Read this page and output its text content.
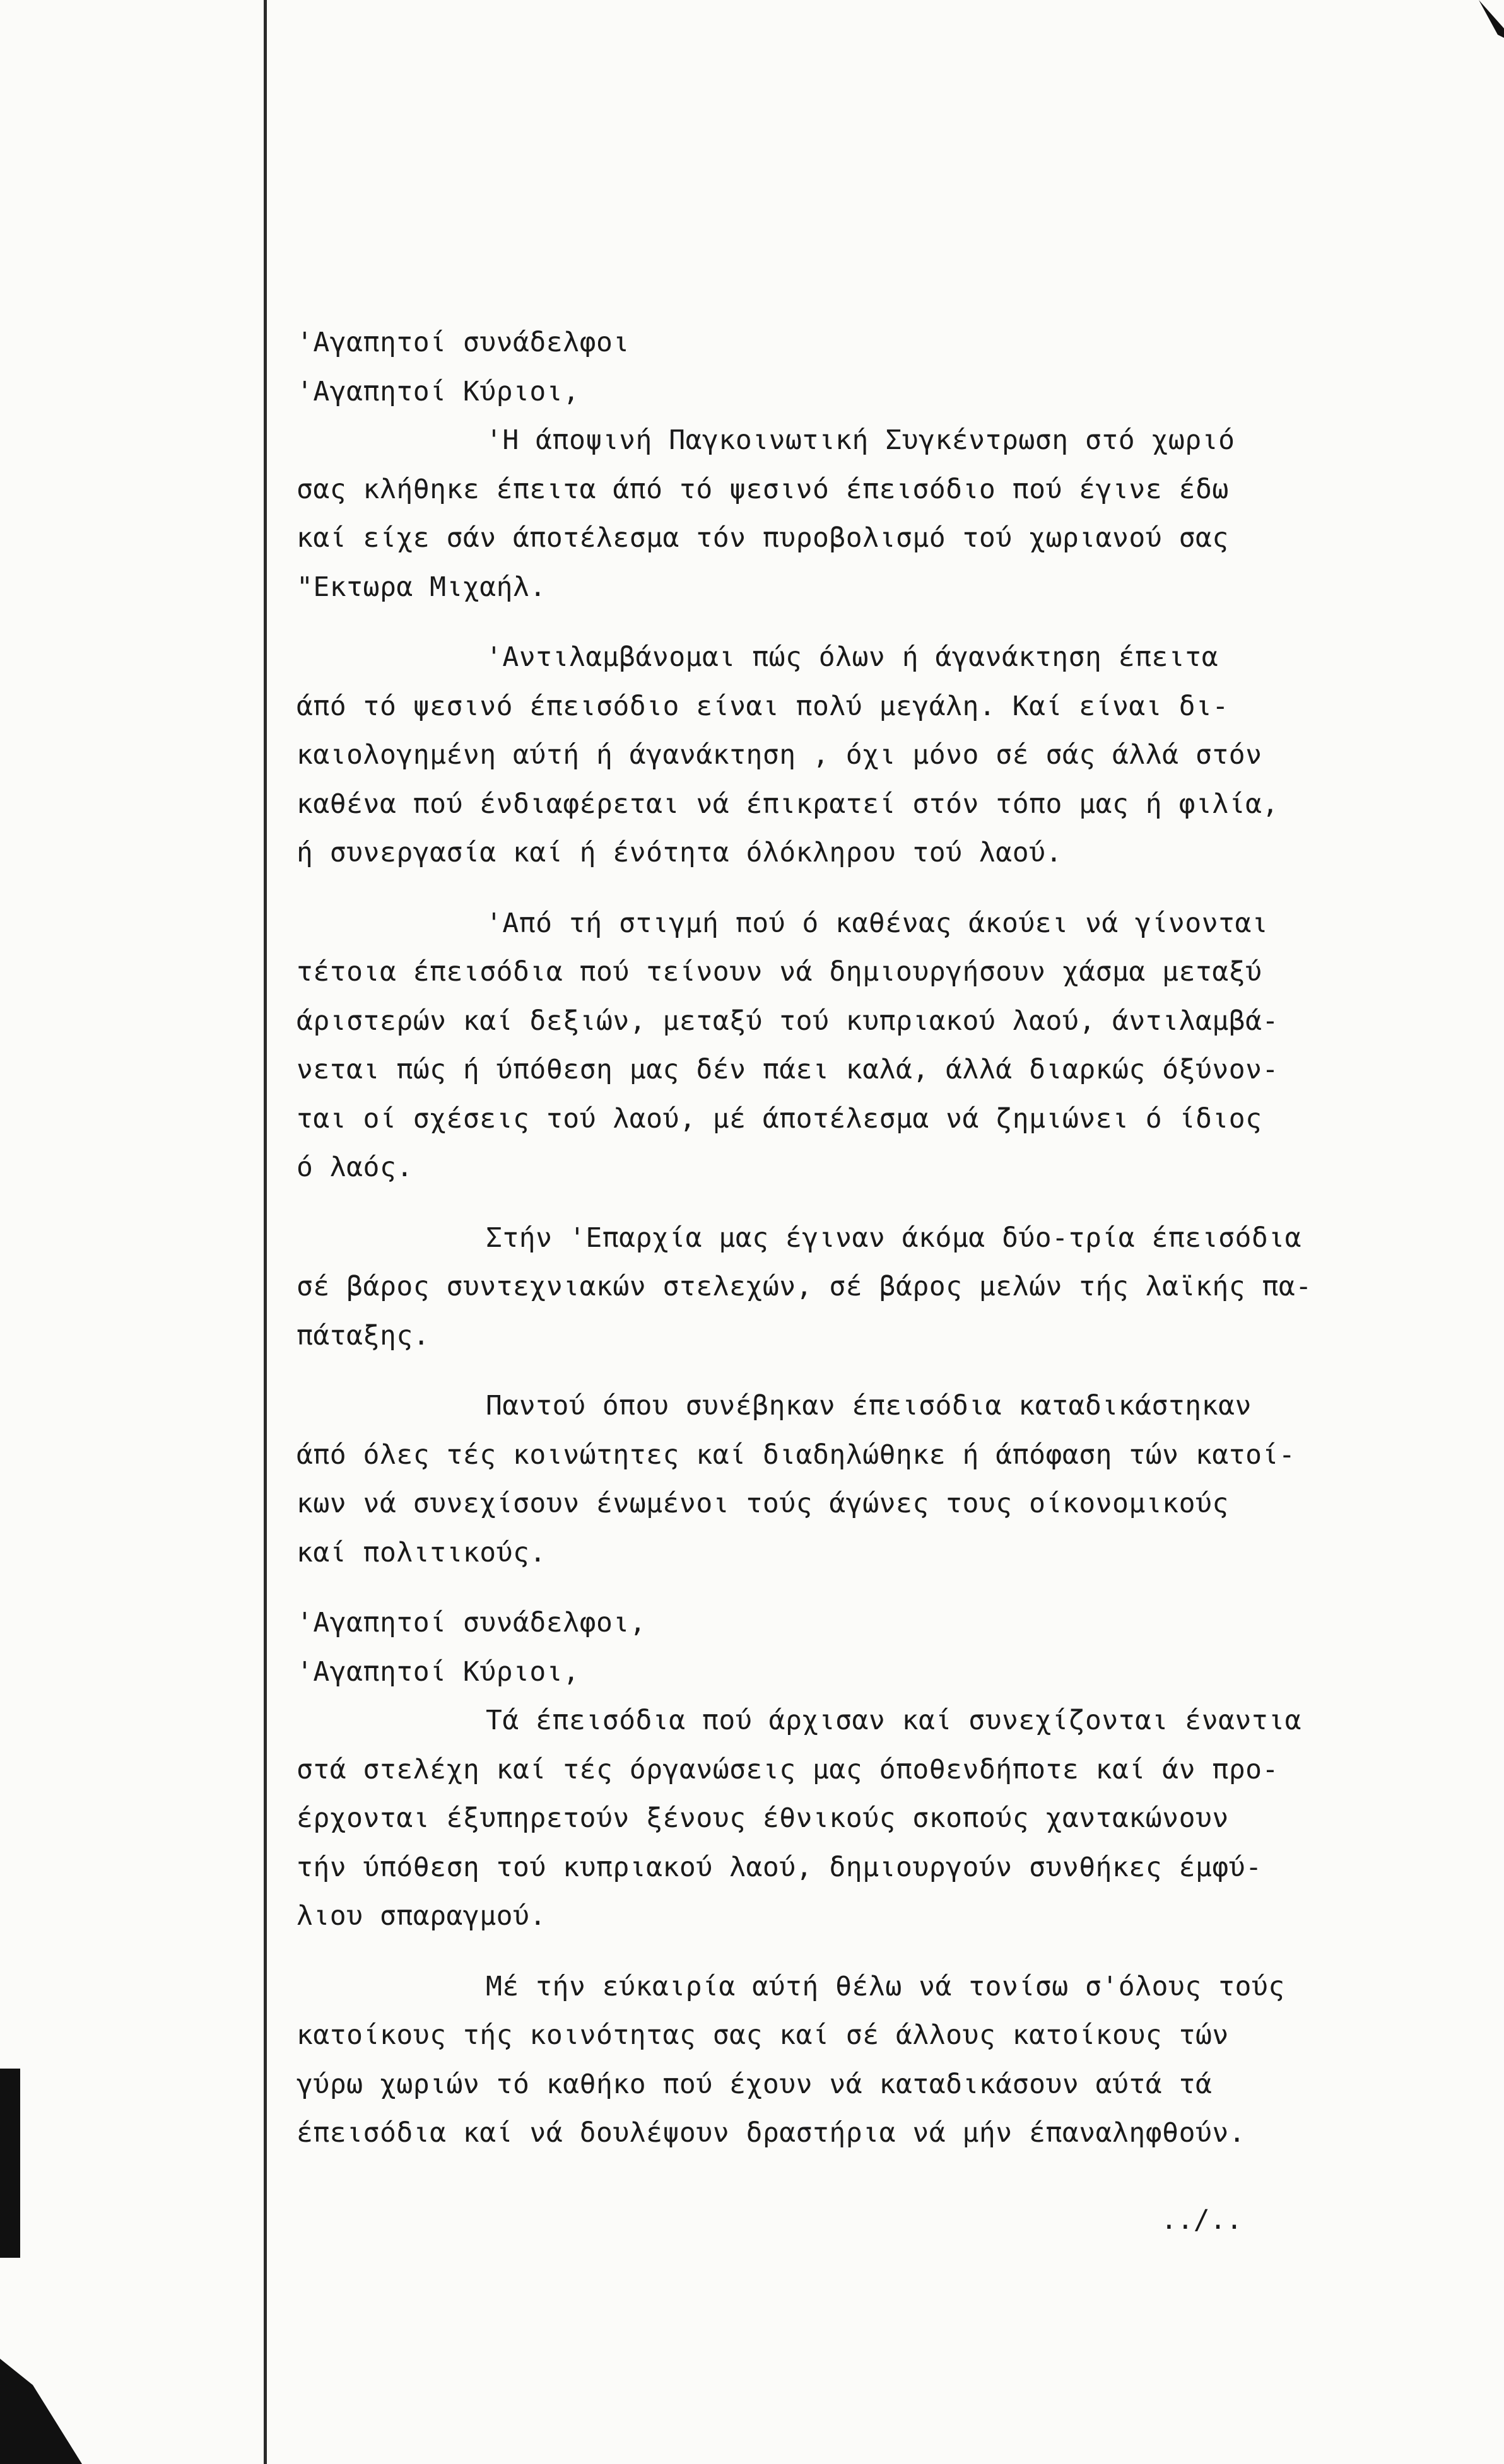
'Αγαπητοί συνάδελφοι
'Αγαπητοί Κύριοι,
'Η άποψινή Παγκοινωτική Συγκέντρωση στό χωριό
σας κλήθηκε έπειτα άπό τό ψεσινό έπεισόδιο πού έγινε έδω
καί είχε σάν άποτέλεσμα τόν πυροβολισμό τού χωριανού σας
"Εκτωρα Μιχαήλ.
'Αντιλαμβάνομαι πώς όλων ή άγανάκτηση έπειτα
άπό τό ψεσινό έπεισόδιο είναι πολύ μεγάλη. Καί είναι δι-
καιολογημένη αύτή ή άγανάκτηση , όχι μόνο σέ σάς άλλά στόν
καθένα πού ένδιαφέρεται νά έπικρατεί στόν τόπο μας ή φιλία,
ή συνεργασία καί ή ένότητα όλόκληρου τού λαού.
'Από τή στιγμή πού ό καθένας άκούει νά γίνονται
τέτοια έπεισόδια πού τείνουν νά δημιουργήσουν χάσμα μεταξύ
άριστερών καί δεξιών, μεταξύ τού κυπριακού λαού, άντιλαμβά-
νεται πώς ή ύπόθεση μας δέν πάει καλά, άλλά διαρκώς όξύνον-
ται οί σχέσεις τού λαού, μέ άποτέλεσμα νά ζημιώνει ό ίδιος
ό λαός.
Στήν 'Επαρχία μας έγιναν άκόμα δύο-τρία έπεισόδια
σέ βάρος συντεχνιακών στελεχών, σέ βάρος μελών τής λαϊκής πα-
πάταξης.
Παντού όπου συνέβηκαν έπεισόδια καταδικάστηκαν
άπό όλες τές κοινώτητες καί διαδηλώθηκε ή άπόφαση τών κατοί-
κων νά συνεχίσουν ένωμένοι τούς άγώνες τους οίκονομικούς
καί πολιτικούς.
'Αγαπητοί συνάδελφοι,
'Αγαπητοί Κύριοι,
Τά έπεισόδια πού άρχισαν καί συνεχίζονται έναντια
στά στελέχη καί τές όργανώσεις μας όποθενδήποτε καί άν προ-
έρχονται έξυπηρετούν ξένους έθνικούς σκοπούς χαντακώνουν
τήν ύπόθεση τού κυπριακού λαού, δημιουργούν συνθήκες έμφύ-
λιου σπαραγμού.
Μέ τήν εύκαιρία αύτή θέλω νά τονίσω σ'όλους τούς
κατοίκους τής κοινότητας σας καί σέ άλλους κατοίκους τών
γύρω χωριών τό καθήκο πού έχουν νά καταδικάσουν αύτά τά
έπεισόδια καί νά δουλέψουν δραστήρια νά μήν έπαναληφθούν.
../..
